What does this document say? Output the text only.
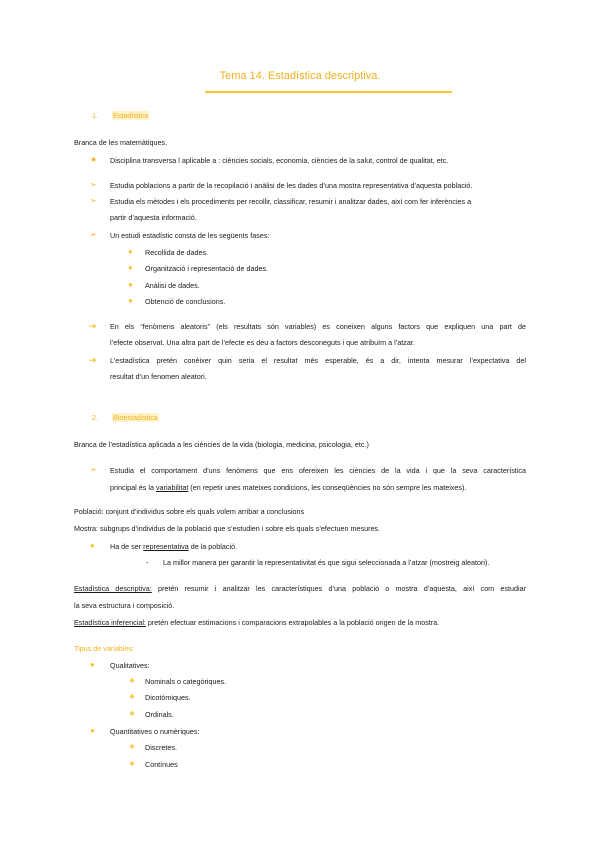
Tema 14. Estadística descriptiva.
1. Estadística
Branca de les matemàtiques.
★ Disciplina transversa l aplicable a : ciències socials, economia, ciències de la salut, control de qualitat, etc.
➢ Estudia poblacions a partir de la recopilació i anàlisi de les dades d’una mostra representativa d’aquesta població.
➢ Estudia els mètodes i els procediments per recollir, classificar, resumir i analitzar dades, així com fer inferències a
partir d’aquesta informació.
➢ Un estudi estadístic consta de les següents fases:
● Recollida de dades.
● Organització i representació de dades.
● Anàlisi de dades.
● Obtenció de conclusions.
➔ En els “fenòmens aleatoris” (els resultats són variables) es coneixen alguns factors que expliquen una part de
l’efecte observat. Una altra part de l’efecte es deu a factors desconeguts i que atribuïm a l’atzar.
➔ L’estadística pretén conèixer quin seria el resultat més esperable, és a dir, intenta mesurar l’expectativa del
resultat d’un fenomen aleatori.
2. Bioestadística
Branca de l’estadística aplicada a les ciències de la vida (biologia, medicina, psicologia, etc.)
➢ Estudia el comportament d’uns fenòmens que ens ofereixen les ciències de la vida i que la seva característica
principal és la variabilitat (en repetir unes mateixes condicions, les conseqüències no són sempre les mateixes).
Població: conjunt d’individus sobre els quals volem arribar a conclusions
Mostra: subgrups d’individus de la població que s’estudien i sobre els quals s’efectuen mesures.
● Ha de ser representativa de la població.
- La millor manera per garantir la representativitat és que sigui seleccionada a l’atzar (mostreig aleatori).
Estadística descriptiva: pretén resumir i analitzar les característiques d’una població o mostra d’aquesta, així com estudiar
la seva estructura i composició.
Estadística inferencial: pretén efectuar estimacions i comparacions extrapolables a la població origen de la mostra.
Tipus de variables:
● Qualitatives:
❖ Nominals o categòriques.
❖ Dicotòmiques.
❖ Ordinals.
● Quantitatives o numèriques:
❖ Discretes.
❖ Contínues
